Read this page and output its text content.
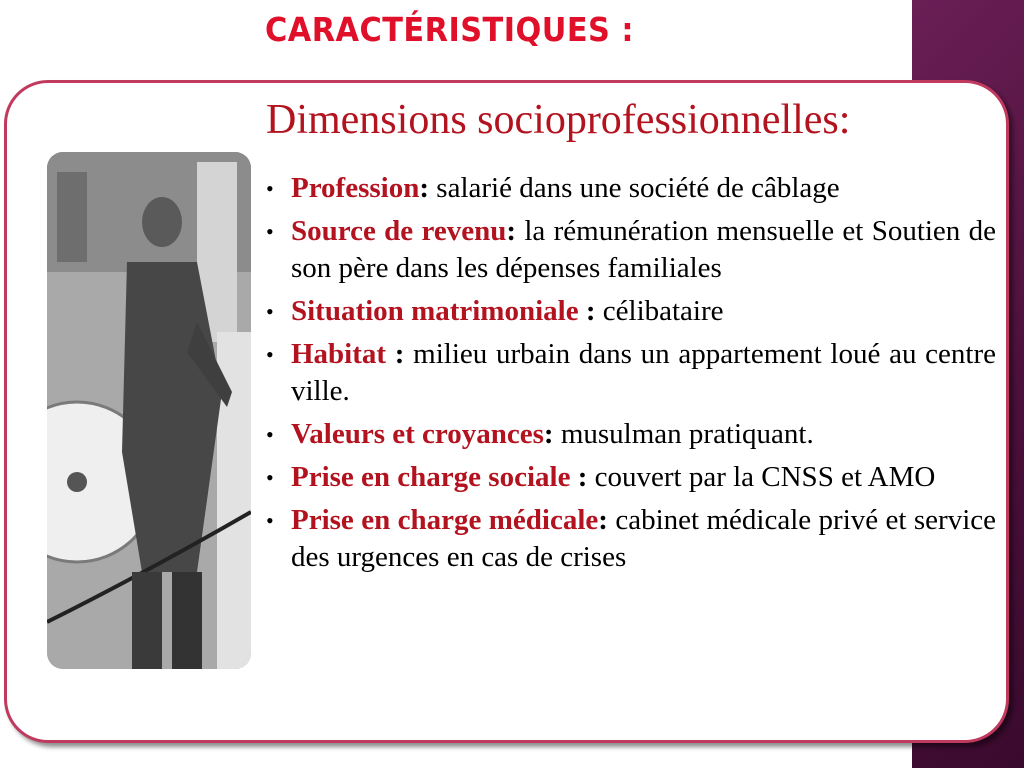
CARACTÉRISTIQUES :
Dimensions socioprofessionnelles:
• Profession: salarié dans une société de câblage
• Source de revenu: la rémunération mensuelle et Soutien de son père dans les dépenses familiales
• Situation matrimoniale : célibataire
• Habitat : milieu urbain dans un appartement loué au centre ville.
• Valeurs et croyances: musulman pratiquant.
• Prise en charge sociale : couvert par la CNSS et AMO
• Prise en charge médicale: cabinet médicale privé et service des urgences en cas de crises
